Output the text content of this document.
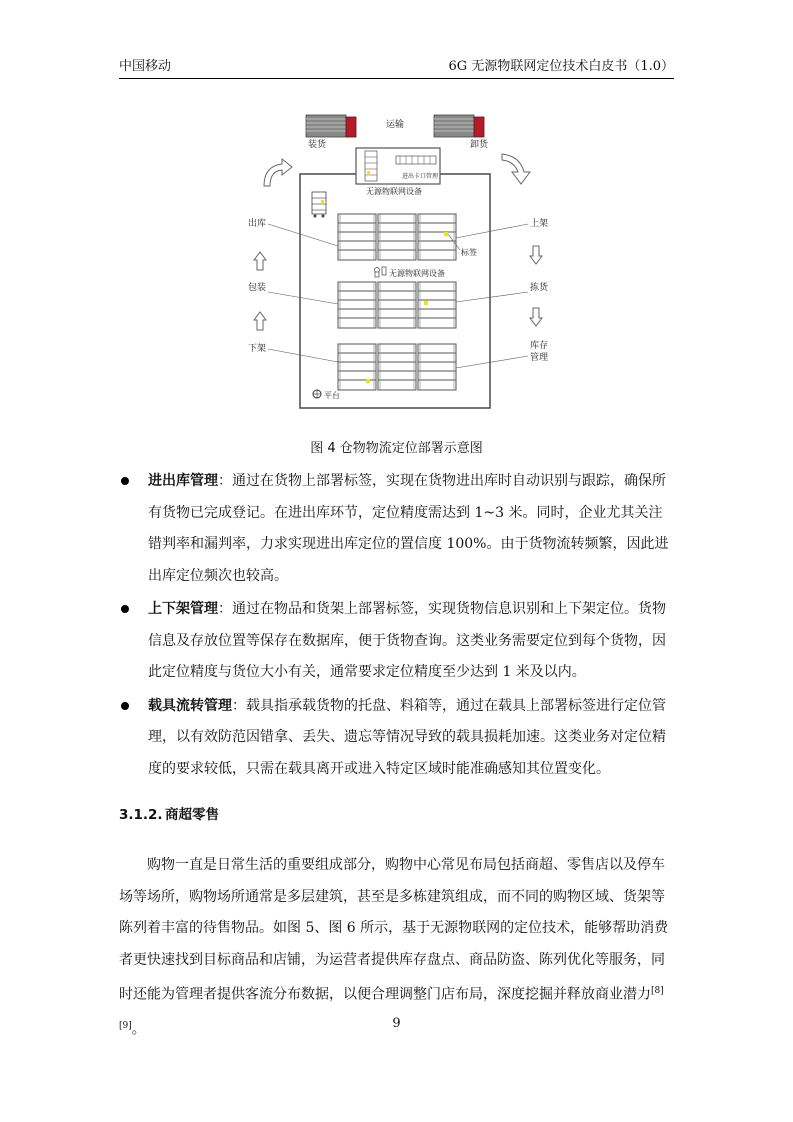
中国移动	6G 无源物联网定位技术白皮书（1.0）
进出卡口管理
无源物联网设备
运输
装货	卸货
标签
无源物联网设备
平台
出库
包装
下架
上架
拣货
库存
管理
图 4 仓物物流定位部署示意图
进出库管理：通过在货物上部署标签，实现在货物进出库时自动识别与跟踪，确保所有货物已完成登记。在进出库环节，定位精度需达到 1~3 米。同时，企业尤其关注错判率和漏判率，力求实现进出库定位的置信度 100%。由于货物流转频繁，因此进出库定位频次也较高。
上下架管理：通过在物品和货架上部署标签，实现货物信息识别和上下架定位。货物信息及存放位置等保存在数据库，便于货物查询。这类业务需要定位到每个货物，因此定位精度与货位大小有关，通常要求定位精度至少达到 1 米及以内。
载具流转管理：载具指承载货物的托盘、料箱等，通过在载具上部署标签进行定位管理，以有效防范因错拿、丢失、遗忘等情况导致的载具损耗加速。这类业务对定位精度的要求较低，只需在载具离开或进入特定区域时能准确感知其位置变化。
3.1.2. 商超零售
购物一直是日常生活的重要组成部分，购物中心常见布局包括商超、零售店以及停车场等场所，购物场所通常是多层建筑，甚至是多栋建筑组成，而不同的购物区域、货架等陈列着丰富的待售物品。如图 5、图 6 所示，基于无源物联网的定位技术，能够帮助消费者更快速找到目标商品和店铺，为运营者提供库存盘点、商品防盗、陈列优化等服务，同时还能为管理者提供客流分布数据，以便合理调整门店布局，深度挖掘并释放商业潜力[8][9]。	9
